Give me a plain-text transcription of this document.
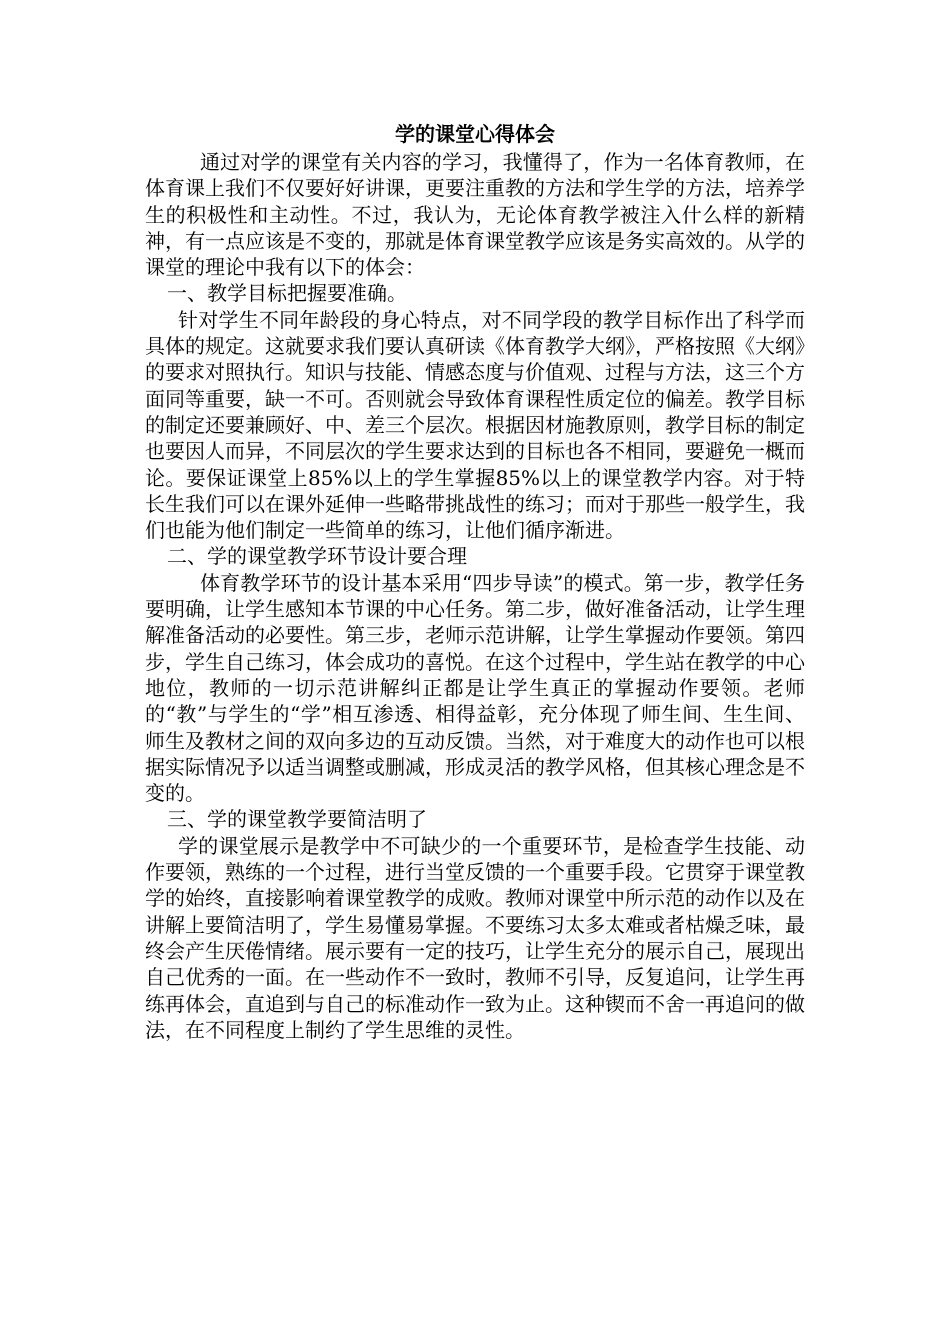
学的课堂心得体会

通过对学的课堂有关内容的学习，我懂得了，作为一名体育教师，在体育课上我们不仅要好好讲课，更要注重教的方法和学生学的方法，培养学生的积极性和主动性。不过，我认为，无论体育教学被注入什么样的新精神，有一点应该是不变的，那就是体育课堂教学应该是务实高效的。从学的课堂的理论中我有以下的体会：

一、教学目标把握要准确。

针对学生不同年龄段的身心特点，对不同学段的教学目标作出了科学而具体的规定。这就要求我们要认真研读《体育教学大纲》，严格按照《大纲》的要求对照执行。知识与技能、情感态度与价值观、过程与方法，这三个方面同等重要，缺一不可。否则就会导致体育课程性质定位的偏差。教学目标的制定还要兼顾好、中、差三个层次。根据因材施教原则，教学目标的制定也要因人而异，不同层次的学生要求达到的目标也各不相同，要避免一概而论。要保证课堂上85%以上的学生掌握85%以上的课堂教学内容。对于特长生我们可以在课外延伸一些略带挑战性的练习；而对于那些一般学生，我们也能为他们制定一些简单的练习，让他们循序渐进。

二、学的课堂教学环节设计要合理

体育教学环节的设计基本采用“四步导读”的模式。第一步，教学任务要明确，让学生感知本节课的中心任务。第二步，做好准备活动，让学生理解准备活动的必要性。第三步，老师示范讲解，让学生掌握动作要领。第四步，学生自己练习，体会成功的喜悦。在这个过程中，学生站在教学的中心地位，教师的一切示范讲解纠正都是让学生真正的掌握动作要领。老师的“教”与学生的“学”相互渗透、相得益彰，充分体现了师生间、生生间、师生及教材之间的双向多边的互动反馈。当然，对于难度大的动作也可以根据实际情况予以适当调整或删减，形成灵活的教学风格，但其核心理念是不变的。

三、学的课堂教学要简洁明了

学的课堂展示是教学中不可缺少的一个重要环节，是检查学生技能、动作要领，熟练的一个过程，进行当堂反馈的一个重要手段。它贯穿于课堂教学的始终，直接影响着课堂教学的成败。教师对课堂中所示范的动作以及在讲解上要简洁明了，学生易懂易掌握。不要练习太多太难或者枯燥乏味，最终会产生厌倦情绪。展示要有一定的技巧，让学生充分的展示自己，展现出自己优秀的一面。在一些动作不一致时，教师不引导，反复追问，让学生再练再体会，直追到与自己的标准动作一致为止。这种锲而不舍一再追问的做法，在不同程度上制约了学生思维的灵性。
